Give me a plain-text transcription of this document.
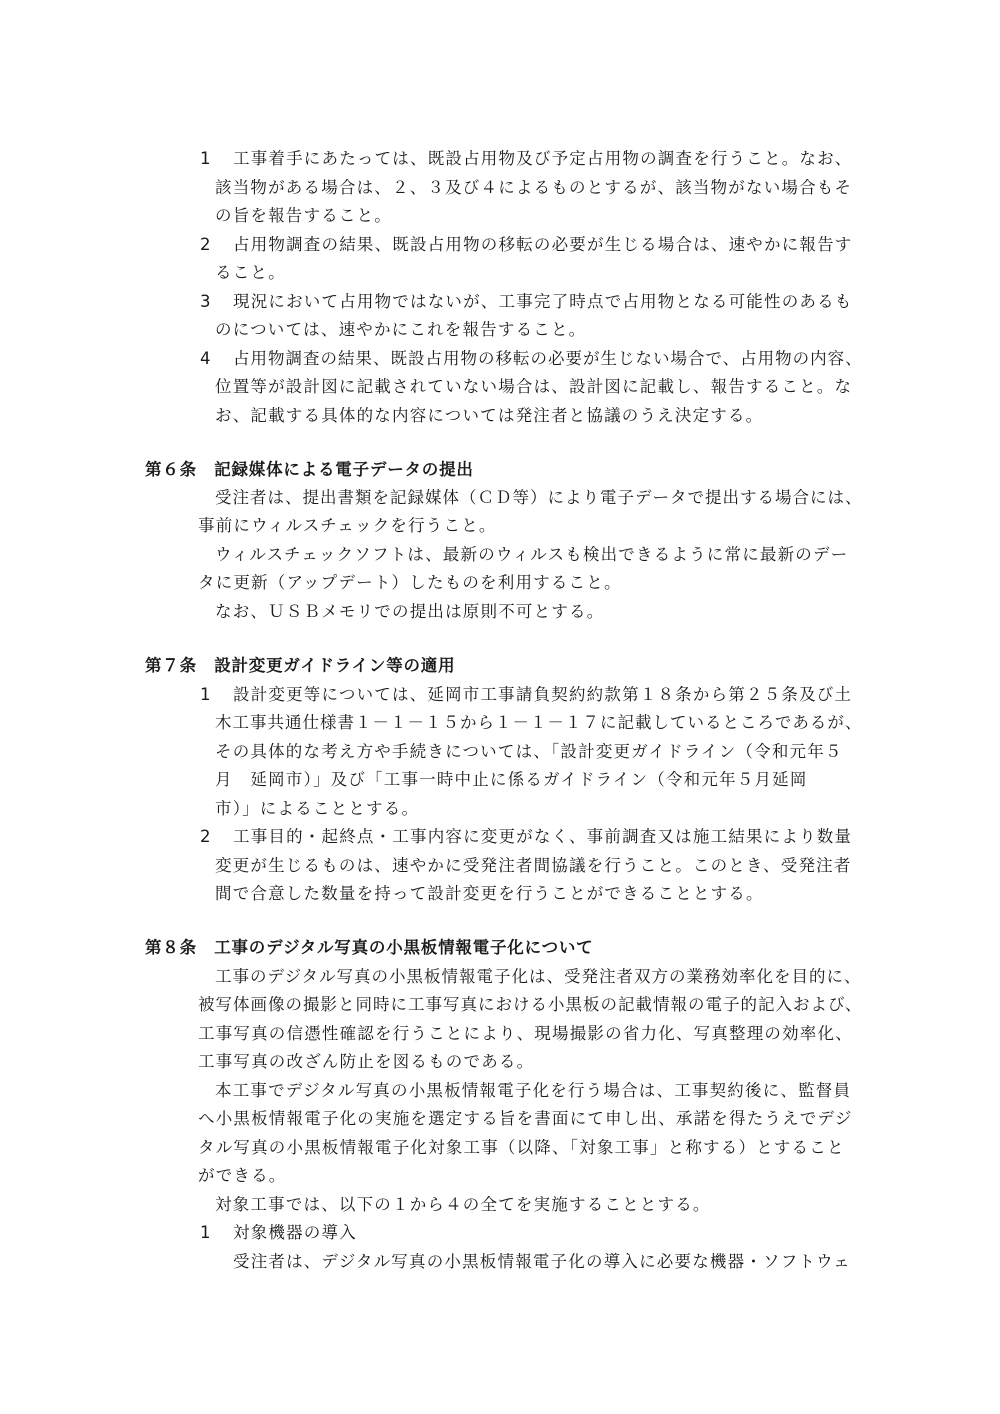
1 工事着手にあたっては、既設占用物及び予定占用物の調査を行うこと。なお、
該当物がある場合は、２、３及び４によるものとするが、該当物がない場合もそ
の旨を報告すること。
2 占用物調査の結果、既設占用物の移転の必要が生じる場合は、速やかに報告す
ること。
3 現況において占用物ではないが、工事完了時点で占用物となる可能性のあるも
のについては、速やかにこれを報告すること。
4 占用物調査の結果、既設占用物の移転の必要が生じない場合で、占用物の内容、
位置等が設計図に記載されていない場合は、設計図に記載し、報告すること。な
お、記載する具体的な内容については発注者と協議のうえ決定する。
第６条　記録媒体による電子データの提出
受注者は、提出書類を記録媒体（ＣＤ等）により電子データで提出する場合には、
事前にウィルスチェックを行うこと。
ウィルスチェックソフトは、最新のウィルスも検出できるように常に最新のデー
タに更新（アップデート）したものを利用すること。
なお、ＵＳＢメモリでの提出は原則不可とする。
第７条　設計変更ガイドライン等の適用
1 設計変更等については、延岡市工事請負契約約款第１８条から第２５条及び土
木工事共通仕様書１－１－１５から１－１－１７に記載しているところであるが、
その具体的な考え方や手続きについては、「設計変更ガイドライン（令和元年５
月　延岡市）」及び「工事一時中止に係るガイドライン（令和元年５月延岡
市）」によることとする。
2 工事目的・起終点・工事内容に変更がなく、事前調査又は施工結果により数量
変更が生じるものは、速やかに受発注者間協議を行うこと。このとき、受発注者
間で合意した数量を持って設計変更を行うことができることとする。
第８条　工事のデジタル写真の小黒板情報電子化について
工事のデジタル写真の小黒板情報電子化は、受発注者双方の業務効率化を目的に、
被写体画像の撮影と同時に工事写真における小黒板の記載情報の電子的記入および、
工事写真の信憑性確認を行うことにより、現場撮影の省力化、写真整理の効率化、
工事写真の改ざん防止を図るものである。
本工事でデジタル写真の小黒板情報電子化を行う場合は、工事契約後に、監督員
へ小黒板情報電子化の実施を選定する旨を書面にて申し出、承諾を得たうえでデジ
タル写真の小黒板情報電子化対象工事（以降、「対象工事」と称する）とすること
ができる。
対象工事では、以下の１から４の全てを実施することとする。
1 対象機器の導入
受注者は、デジタル写真の小黒板情報電子化の導入に必要な機器・ソフトウェ
